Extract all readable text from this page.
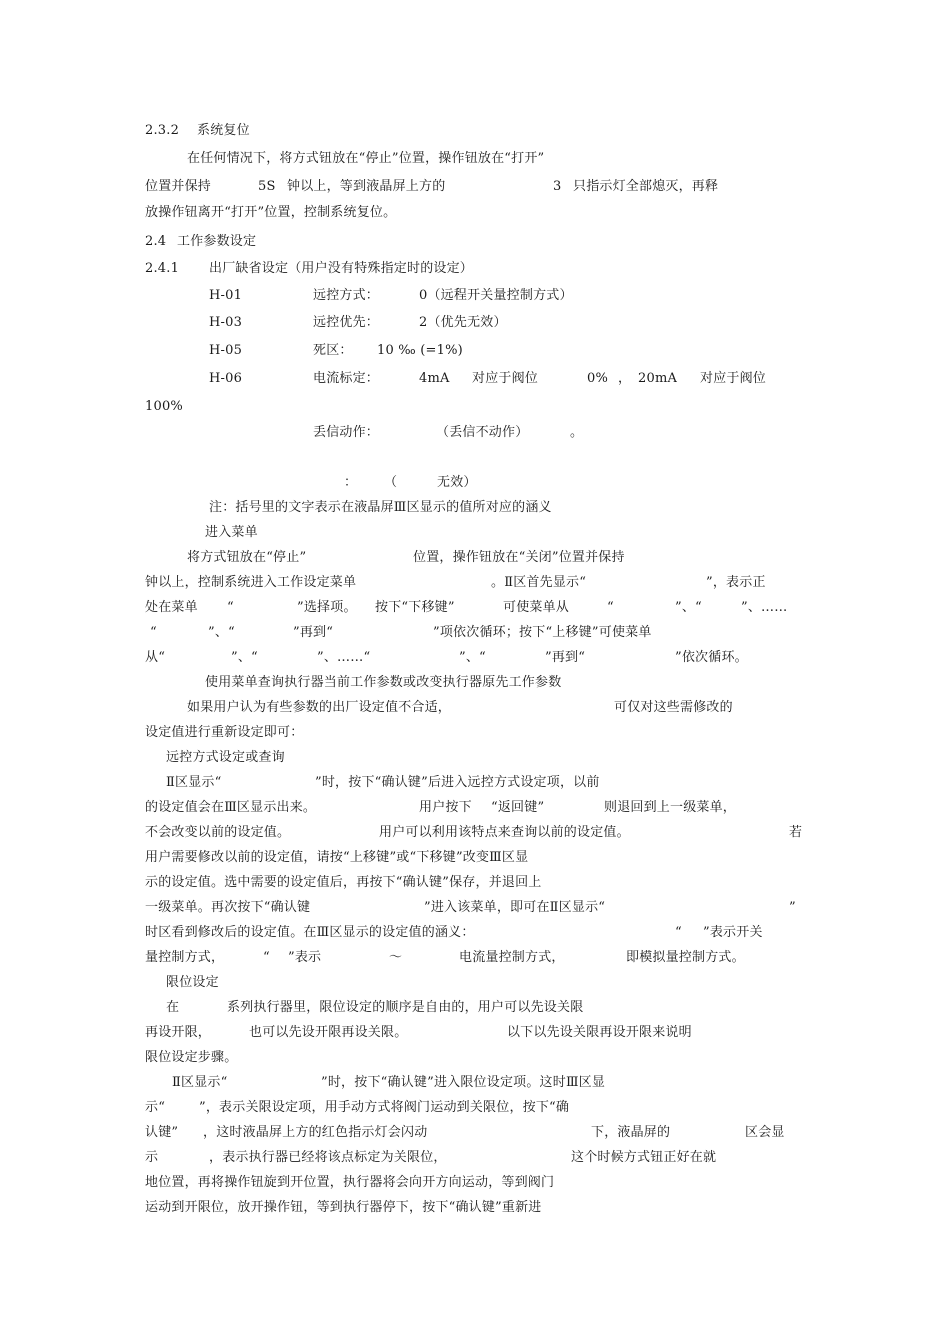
2.3.2 系统复位
在任何情况下，将方式钮放在“停止”位置，操作钮放在“打开”
位置并保持	5S 钟以上，等到液晶屏上方的	3 只指示灯全部熄灭，再释
放操作钮离开“打开”位置，控制系统复位。
2.4 工作参数设定
2.4.1 出厂缺省设定（用户没有特殊指定时的设定）
H-01	远控方式：	0（远程开关量控制方式）
H-03	远控优先：	2（优先无效）
H-05	死区： 10 ‰ (=1%)
H-06	电流标定：	4mA 对应于阀位	0% ， 20mA 对应于阀位
100%
丢信动作：	（丢信不动作）	。
： （	无效）
注：括号里的文字表示在液晶屏Ⅲ区显示的值所对应的涵义
进入菜单
将方式钮放在“停止”	位置，操作钮放在“关闭”位置并保持
钟以上，控制系统进入工作设定菜单	。Ⅱ区首先显示“	”，表示正
处在菜单 “	”选择项。 按下“下移键”	可使菜单从	“	”、“	”、……
“	”、“	”再到“	”项依次循环；按下“上移键”可使菜单
从“	”、“	”、……“	”、“	”再到“	”依次循环。
使用菜单查询执行器当前工作参数或改变执行器原先工作参数
如果用户认为有些参数的出厂设定值不合适，	可仅对这些需修改的
设定值进行重新设定即可：
远控方式设定或查询
Ⅱ区显示“	”时，按下“确认键”后进入远控方式设定项，以前
的设定值会在Ⅲ区显示出来。	用户按下 “返回键”	则退回到上一级菜单，
不会改变以前的设定值。	用户可以利用该特点来查询以前的设定值。	若
用户需要修改以前的设定值，请按“上移键”或“下移键”改变Ⅲ区显
示的设定值。选中需要的设定值后，再按下“确认键”保存，并退回上
一级菜单。再次按下“确认键	”进入该菜单，即可在Ⅱ区显示“	”
时区看到修改后的设定值。在Ⅲ区显示的设定值的涵义：	“ ”表示开关
量控制方式，	“ ”表示	～	电流量控制方式，	即模拟量控制方式。
限位设定
在	系列执行器里，限位设定的顺序是自由的，用户可以先设关限
再设开限，	也可以先设开限再设关限。	以下以先设关限再设开限来说明
限位设定步骤。
Ⅱ区显示“	”时，按下“确认键”进入限位设定项。这时Ⅲ区显
示“	”，表示关限设定项，用手动方式将阀门运动到关限位，按下“确
认键” ，这时液晶屏上方的红色指示灯会闪动	下，液晶屏的	区会显
示	，表示执行器已经将该点标定为关限位，	这个时候方式钮正好在就
地位置，再将操作钮旋到开位置，执行器将会向开方向运动，等到阀门
运动到开限位，放开操作钮，等到执行器停下，按下“确认键”重新进
